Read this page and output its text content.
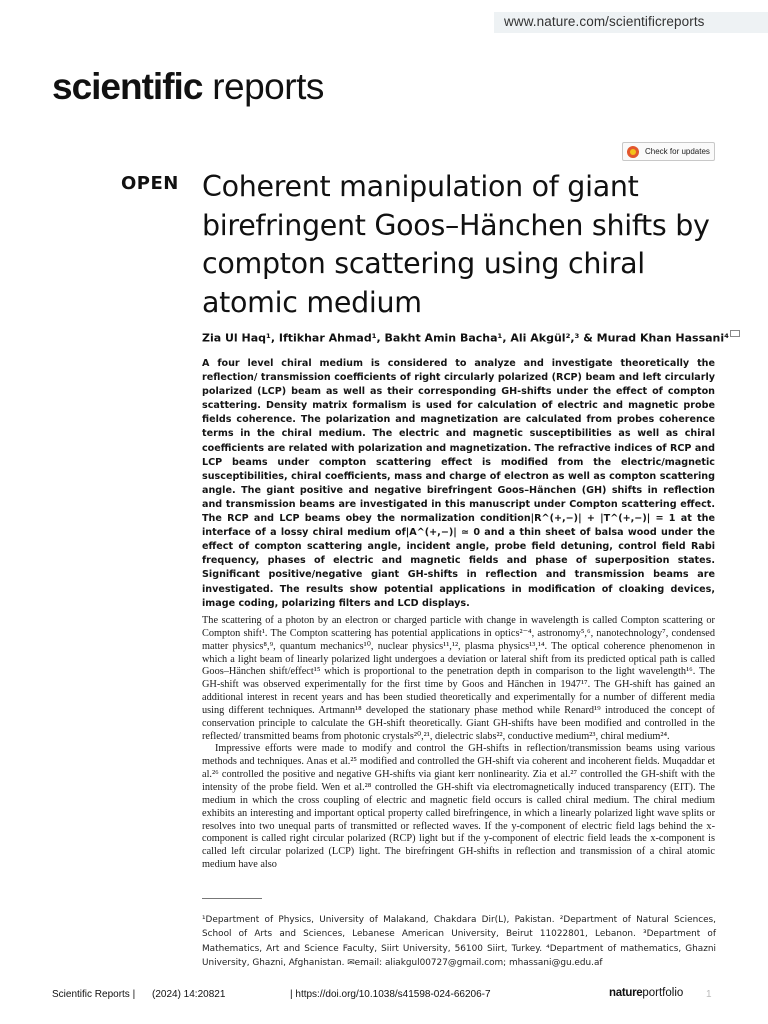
www.nature.com/scientificreports
scientific reports
Check for updates
OPEN Coherent manipulation of giant birefringent Goos–Hänchen shifts by compton scattering using chiral atomic medium
Zia Ul Haq¹, Iftikhar Ahmad¹, Bakht Amin Bacha¹, Ali Akgül²,³ & Murad Khan Hassani⁴
A four level chiral medium is considered to analyze and investigate theoretically the reflection/ transmission coefficients of right circularly polarized (RCP) beam and left circularly polarized (LCP) beam as well as their corresponding GH-shifts under the effect of compton scattering. Density matrix formalism is used for calculation of electric and magnetic probe fields coherence. The polarization and magnetization are calculated from probes coherence terms in the chiral medium. The electric and magnetic susceptibilities as well as chiral coefficients are related with polarization and magnetization. The refractive indices of RCP and LCP beams under compton scattering effect is modified from the electric/magnetic susceptibilities, chiral coefficients, mass and charge of electron as well as compton scattering angle. The giant positive and negative birefringent Goos–Hänchen (GH) shifts in reflection and transmission beams are investigated in this manuscript under Compton scattering effect. The RCP and LCP beams obey the normalization condition|R^(+,−)| + |T^(+,−)| = 1 at the interface of a lossy chiral medium of|A^(+,−)| ≃ 0 and a thin sheet of balsa wood under the effect of compton scattering angle, incident angle, probe field detuning, control field Rabi frequency, phases of electric and magnetic fields and phase of superposition states. Significant positive/negative giant GH-shifts in reflection and transmission beams are investigated. The results show potential applications in modification of cloaking devices, image coding, polarizing filters and LCD displays.

The scattering of a photon by an electron or charged particle with change in wavelength is called Compton scattering or Compton shift¹. The Compton scattering has potential applications in optics²⁻⁴, astronomy⁵,⁶, nanotechnology⁷, condensed matter physics⁸,⁹, quantum mechanics¹⁰, nuclear physics¹¹,¹², plasma physics¹³,¹⁴. The optical coherence phenomenon in which a light beam of linearly polarized light undergoes a deviation or lateral shift from its predicted optical path is called Goos–Hänchen shift/effect¹⁵ which is proportional to the penetration depth in comparison to the light wavelength¹⁶. The GH-shift was observed experimentally for the first time by Goos and Hänchen in 1947¹⁷. The GH-shift has gained an additional interest in recent years and has been studied theoretically and experimentally for a number of different media using different techniques. Artmann¹⁸ developed the stationary phase method while Renard¹⁹ introduced the concept of conservation principle to calculate the GH-shift theoretically. Giant GH-shifts have been modified and controlled in the reflected/ transmitted beams from photonic crystals²⁰,²¹, dielectric slabs²², conductive medium²³, chiral medium²⁴.

Impressive efforts were made to modify and control the GH-shifts in reflection/transmission beams using various methods and techniques. Anas et al.²⁵ modified and controlled the GH-shift via coherent and incoherent fields. Muqaddar et al.²⁶ controlled the positive and negative GH-shifts via giant kerr nonlinearity. Zia et al.²⁷ controlled the GH-shift with the intensity of the probe field. Wen et al.²⁸ controlled the GH-shift via electromagnetically induced transparency (EIT). The medium in which the cross coupling of electric and magnetic field occurs is called chiral medium. The chiral medium exhibits an interesting and important optical property called birefringence, in which a linearly polarized light wave splits or resolves into two unequal parts of transmitted or reflected waves. If the y-component of electric field lags behind the x-component is called right circular polarized (RCP) light but if the y-component of electric field leads the x-component is called left circular polarized (LCP) light. The birefringent GH-shifts in reflection and transmission of a chiral atomic medium have also

¹Department of Physics, University of Malakand, Chakdara Dir(L), Pakistan. ²Department of Natural Sciences, School of Arts and Sciences, Lebanese American University, Beirut 11022801, Lebanon. ³Department of Mathematics, Art and Science Faculty, Siirt University, 56100 Siirt, Turkey. ⁴Department of mathematics, Ghazni University, Ghazni, Afghanistan. ✉email: aliakgul00727@gmail.com; mhassani@gu.edu.af
Scientific Reports | (2024) 14:20821	| https://doi.org/10.1038/s41598-024-66206-7	natureportfolio 1
